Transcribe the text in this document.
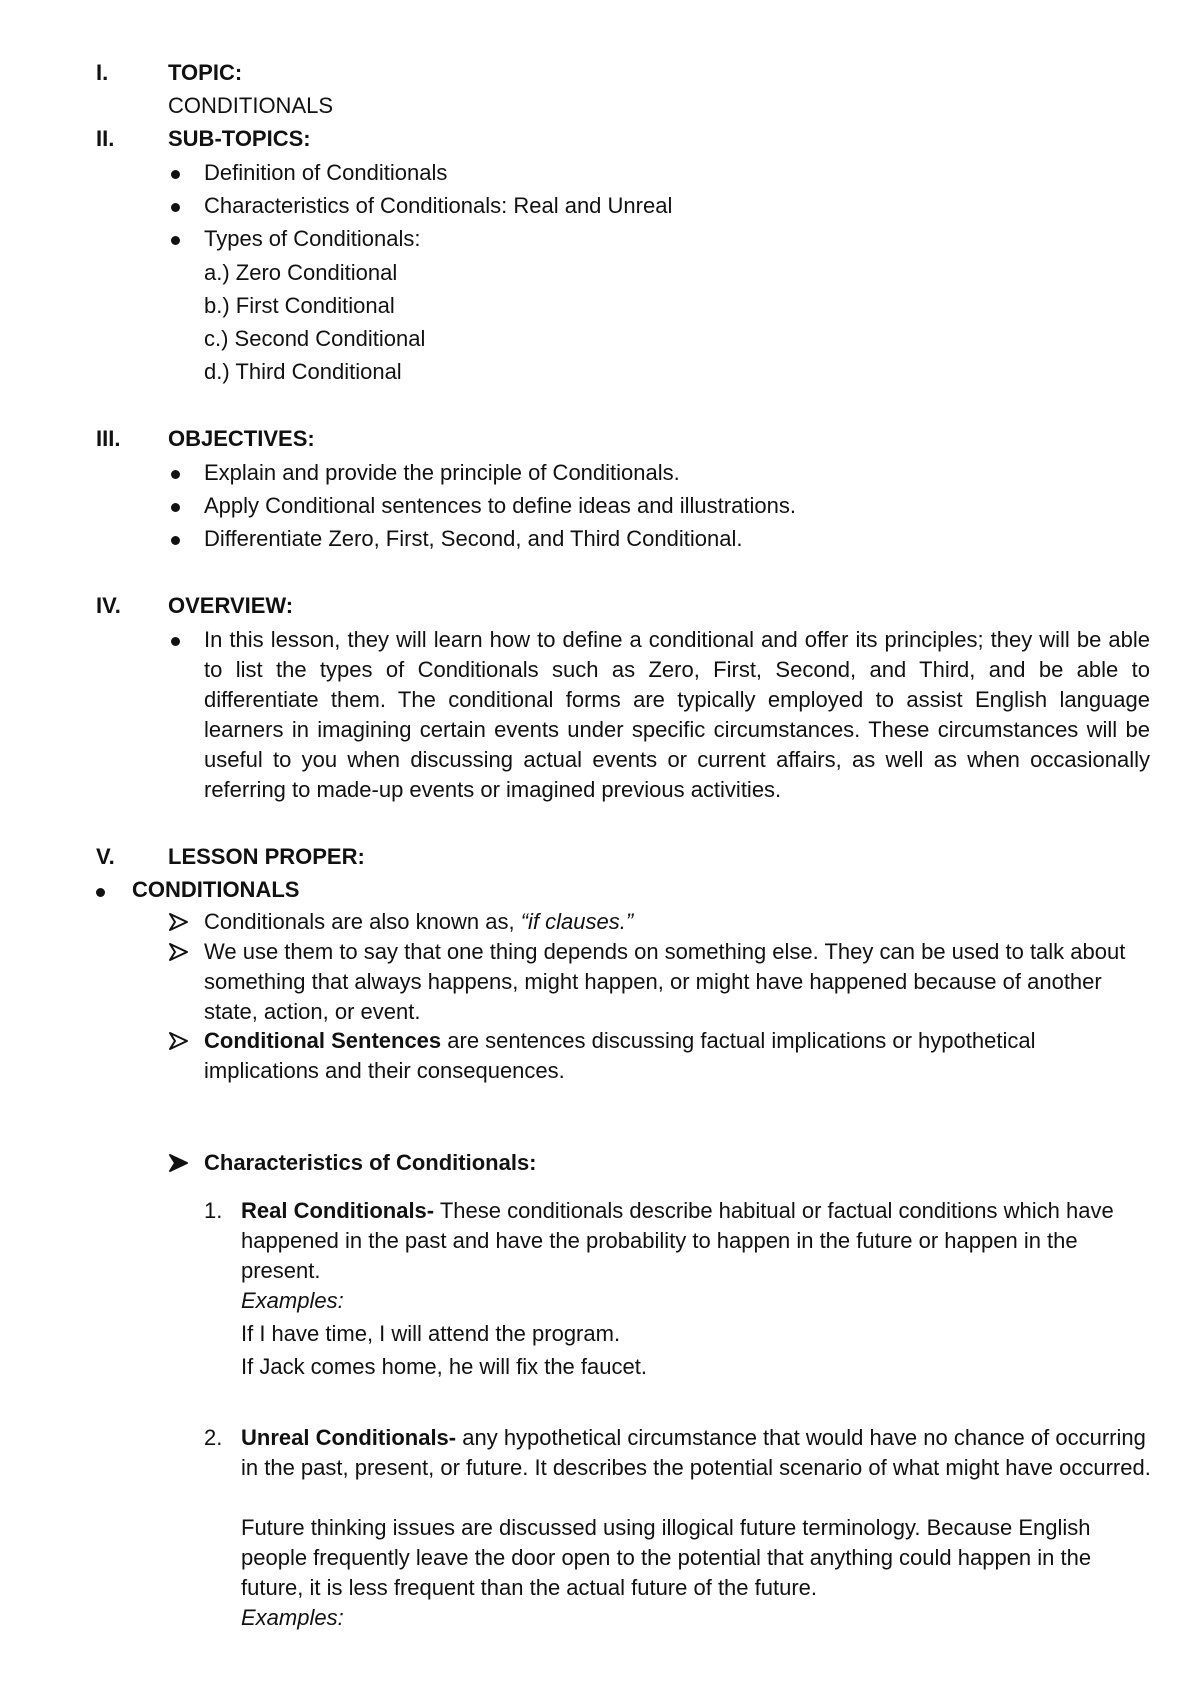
I.	TOPIC:
CONDITIONALS
II. SUB-TOPICS:
Definition of Conditionals
Characteristics of Conditionals: Real and Unreal
Types of Conditionals:
a.) Zero Conditional
b.) First Conditional
c.) Second Conditional
d.) Third Conditional
III. OBJECTIVES:
Explain and provide the principle of Conditionals.
Apply Conditional sentences to define ideas and illustrations.
Differentiate Zero, First, Second, and Third Conditional.
IV. OVERVIEW:
In this lesson, they will learn how to define a conditional and offer its principles; they will be able to list the types of Conditionals such as Zero, First, Second, and Third, and be able to differentiate them. The conditional forms are typically employed to assist English language learners in imagining certain events under specific circumstances. These circumstances will be useful to you when discussing actual events or current affairs, as well as when occasionally referring to made-up events or imagined previous activities.
V. LESSON PROPER:
CONDITIONALS
Conditionals are also known as, “if clauses.”
We use them to say that one thing depends on something else. They can be used to talk about something that always happens, might happen, or might have happened because of another state, action, or event.
Conditional Sentences are sentences discussing factual implications or hypothetical implications and their consequences.
Characteristics of Conditionals:
1. Real Conditionals- These conditionals describe habitual or factual conditions which have happened in the past and have the probability to happen in the future or happen in the present.
Examples:
If I have time, I will attend the program.
If Jack comes home, he will fix the faucet.
2. Unreal Conditionals- any hypothetical circumstance that would have no chance of occurring in the past, present, or future. It describes the potential scenario of what might have occurred.
Future thinking issues are discussed using illogical future terminology. Because English people frequently leave the door open to the potential that anything could happen in the future, it is less frequent than the actual future of the future.
Examples:
